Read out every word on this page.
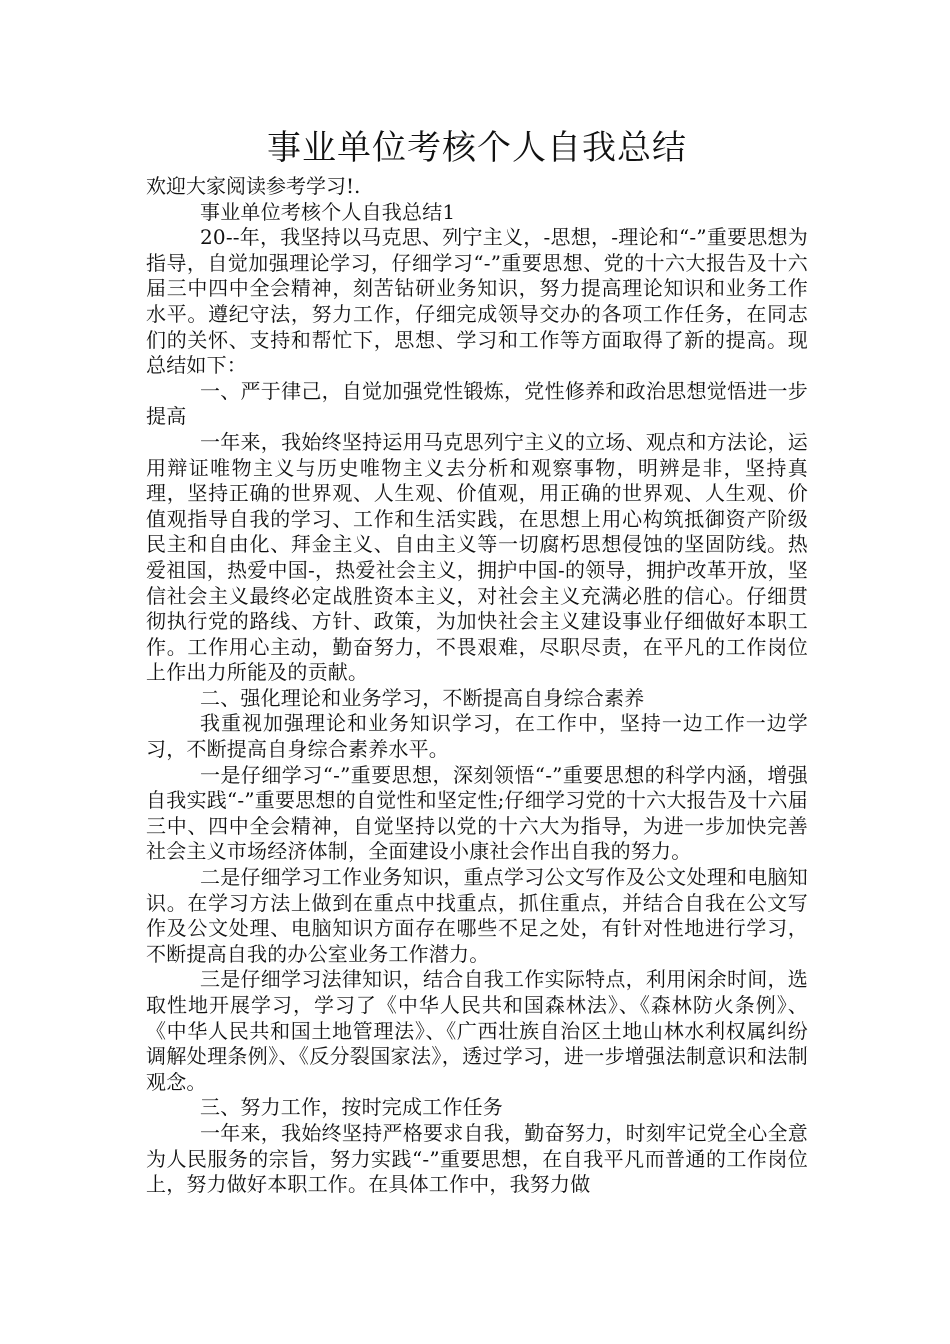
事业单位考核个人自我总结

欢迎大家阅读参考学习!.

事业单位考核个人自我总结1

20--年，我坚持以马克思、列宁主义，-思想，-理论和“-”重要思想为指导，自觉加强理论学习，仔细学习“-”重要思想、党的十六大报告及十六届三中四中全会精神，刻苦钻研业务知识，努力提高理论知识和业务工作水平。遵纪守法，努力工作，仔细完成领导交办的各项工作任务，在同志们的关怀、支持和帮忙下，思想、学习和工作等方面取得了新的提高。现总结如下：

一、严于律己，自觉加强党性锻炼，党性修养和政治思想觉悟进一步提高

一年来，我始终坚持运用马克思列宁主义的立场、观点和方法论，运用辩证唯物主义与历史唯物主义去分析和观察事物，明辨是非，坚持真理，坚持正确的世界观、人生观、价值观，用正确的世界观、人生观、价值观指导自我的学习、工作和生活实践，在思想上用心构筑抵御资产阶级民主和自由化、拜金主义、自由主义等一切腐朽思想侵蚀的坚固防线。热爱祖国，热爱中国-，热爱社会主义，拥护中国-的领导，拥护改革开放，坚信社会主义最终必定战胜资本主义，对社会主义充满必胜的信心。仔细贯彻执行党的路线、方针、政策，为加快社会主义建设事业仔细做好本职工作。工作用心主动，勤奋努力，不畏艰难，尽职尽责，在平凡的工作岗位上作出力所能及的贡献。

二、强化理论和业务学习，不断提高自身综合素养

我重视加强理论和业务知识学习，在工作中，坚持一边工作一边学习，不断提高自身综合素养水平。

一是仔细学习“-”重要思想，深刻领悟“-”重要思想的科学内涵，增强自我实践“-”重要思想的自觉性和坚定性;仔细学习党的十六大报告及十六届三中、四中全会精神，自觉坚持以党的十六大为指导，为进一步加快完善社会主义市场经济体制，全面建设小康社会作出自我的努力。

二是仔细学习工作业务知识，重点学习公文写作及公文处理和电脑知识。在学习方法上做到在重点中找重点，抓住重点，并结合自我在公文写作及公文处理、电脑知识方面存在哪些不足之处，有针对性地进行学习，不断提高自我的办公室业务工作潜力。

三是仔细学习法律知识，结合自我工作实际特点，利用闲余时间，选取性地开展学习，学习了《中华人民共和国森林法》、《森林防火条例》、《中华人民共和国土地管理法》、《广西壮族自治区土地山林水利权属纠纷调解处理条例》、《反分裂国家法》，透过学习，进一步增强法制意识和法制观念。

三、努力工作，按时完成工作任务

一年来，我始终坚持严格要求自我，勤奋努力，时刻牢记党全心全意为人民服务的宗旨，努力实践“-”重要思想，在自我平凡而普通的工作岗位上，努力做好本职工作。在具体工作中，我努力做
